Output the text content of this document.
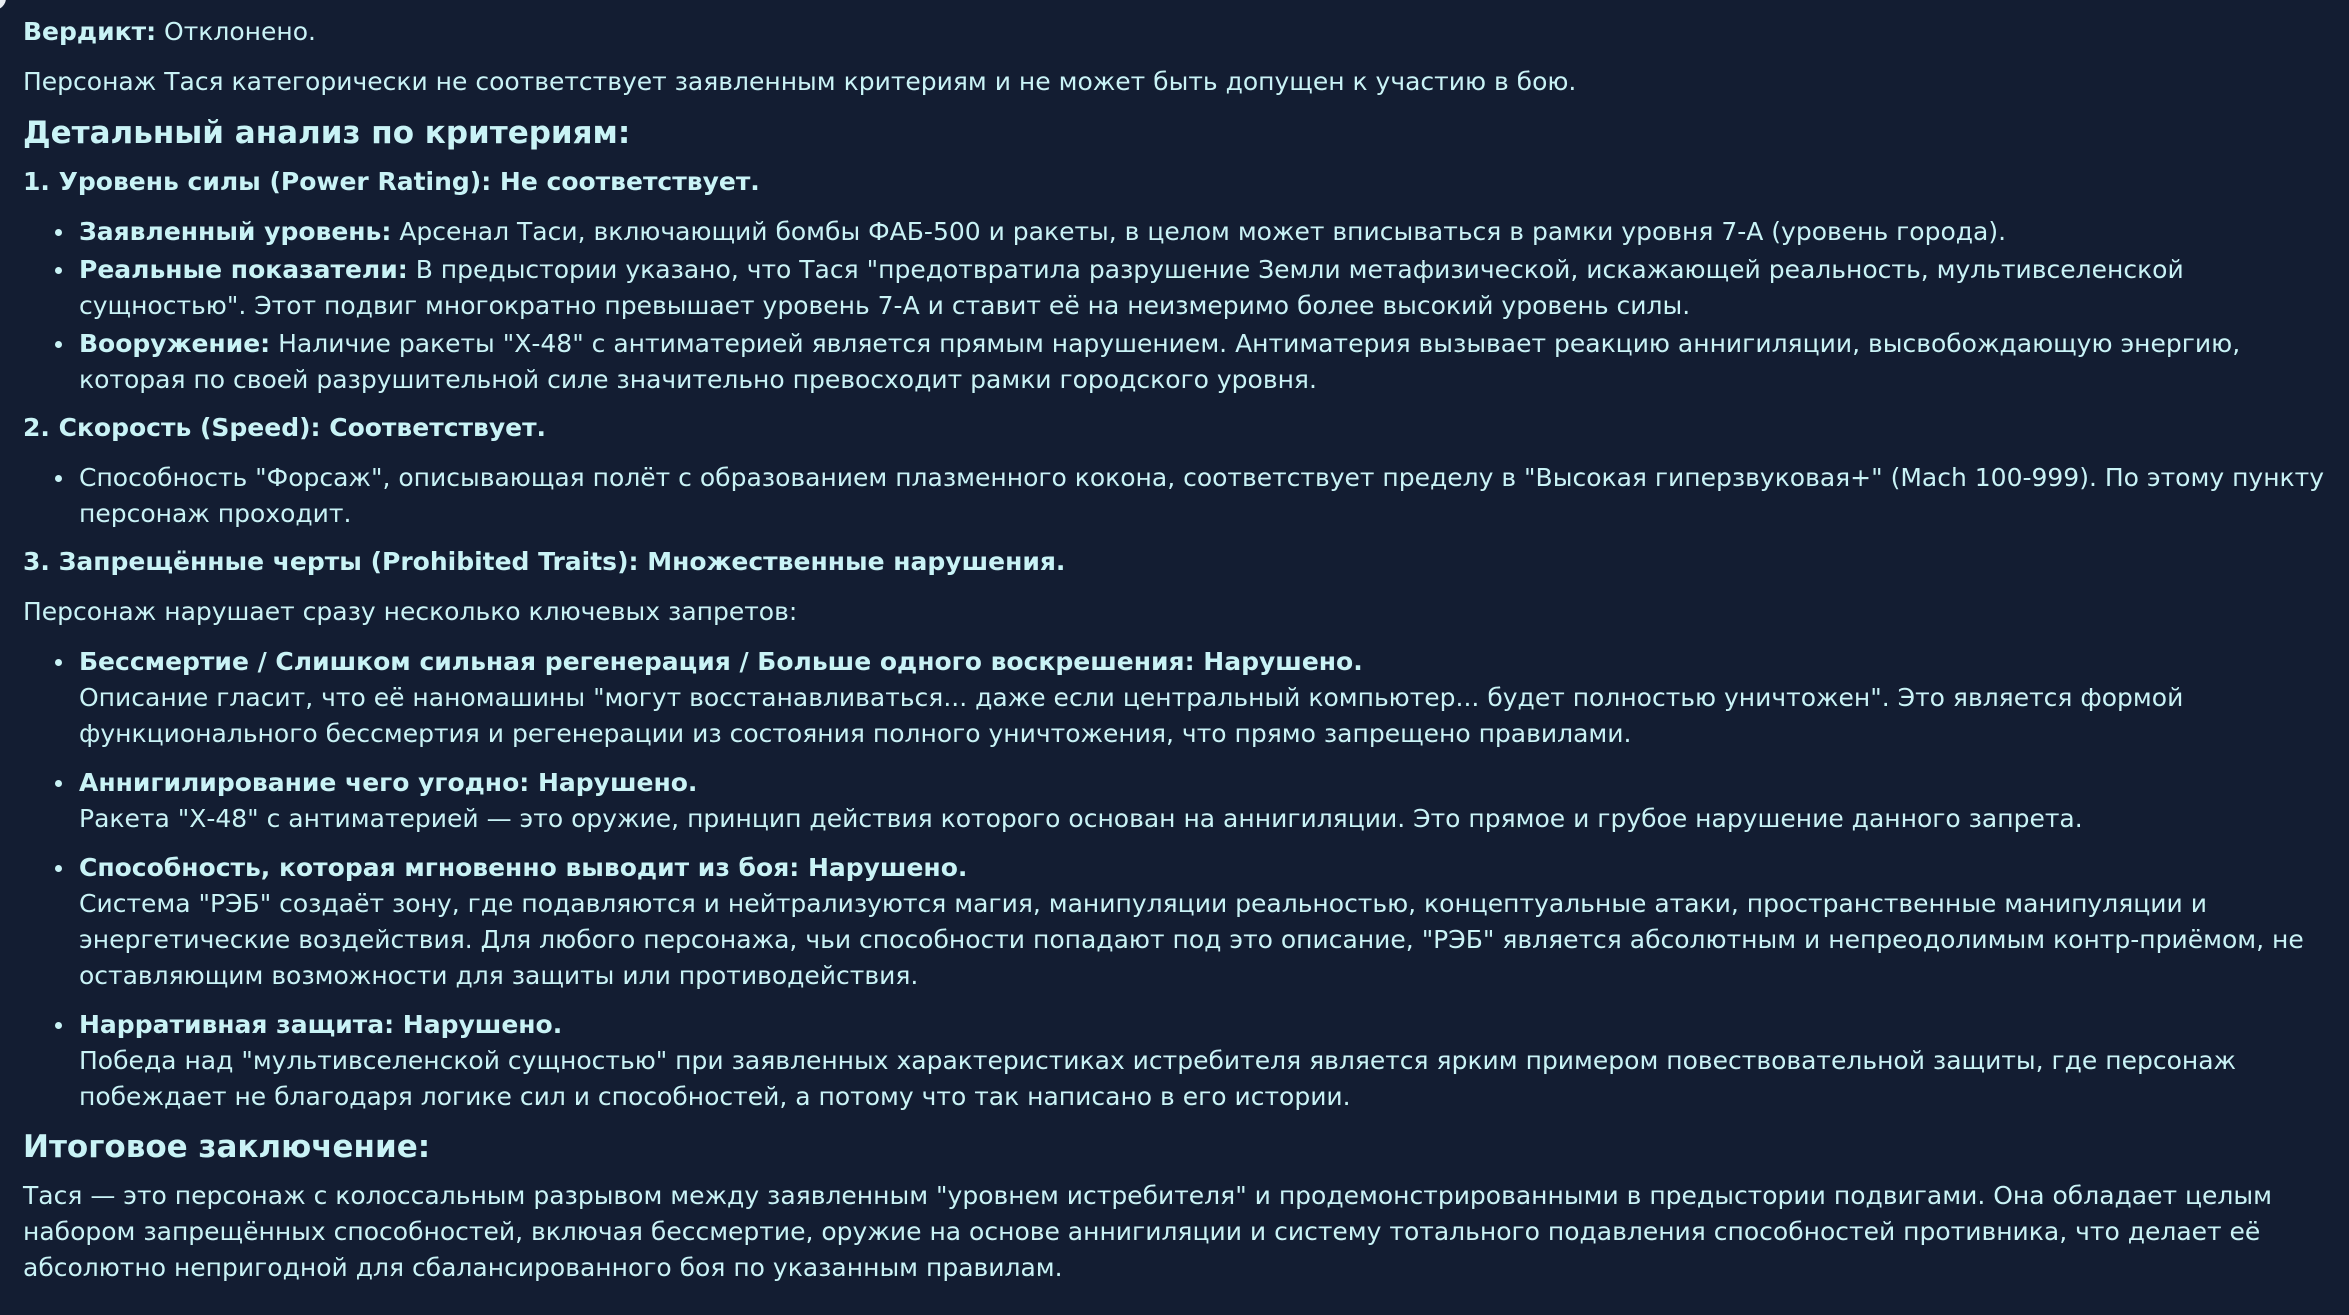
Вердикт: Отклонено.

Персонаж Тася категорически не соответствует заявленным критериям и не может быть допущен к участию в бою.

Детальный анализ по критериям:
1. Уровень силы (Power Rating): Не соответствует.
Заявленный уровень: Арсенал Таси, включающий бомбы ФАБ-500 и ракеты, в целом может вписываться в рамки уровня 7-А (уровень города).
Реальные показатели: В предыстории указано, что Тася "предотвратила разрушение Земли метафизической, искажающей реальность, мультивселенской сущностью". Этот подвиг многократно превышает уровень 7-А и ставит её на неизмеримо более высокий уровень силы.
Вооружение: Наличие ракеты "Х-48" с антиматерией является прямым нарушением. Антиматерия вызывает реакцию аннигиляции, высвобождающую энергию, которая по своей разрушительной силе значительно превосходит рамки городского уровня.
2. Скорость (Speed): Соответствует.
Способность "Форсаж", описывающая полёт с образованием плазменного кокона, соответствует пределу в "Высокая гиперзвуковая+" (Mach 100-999). По этому пункту персонаж проходит.
3. Запрещённые черты (Prohibited Traits): Множественные нарушения.

Персонаж нарушает сразу несколько ключевых запретов:

Бессмертие / Слишком сильная регенерация / Больше одного воскрешения: Нарушено.
Описание гласит, что её наномашины "могут восстанавливаться... даже если центральный компьютер... будет полностью уничтожен". Это является формой функционального бессмертия и регенерации из состояния полного уничтожения, что прямо запрещено правилами.
Аннигилирование чего угодно: Нарушено.
Ракета "Х-48" с антиматерией — это оружие, принцип действия которого основан на аннигиляции. Это прямое и грубое нарушение данного запрета.
Способность, которая мгновенно выводит из боя: Нарушено.
Система "РЭБ" создаёт зону, где подавляются и нейтрализуются магия, манипуляции реальностью, концептуальные атаки, пространственные манипуляции и энергетические воздействия. Для любого персонажа, чьи способности попадают под это описание, "РЭБ" является абсолютным и непреодолимым контр-приёмом, не оставляющим возможности для защиты или противодействия.
Нарративная защита: Нарушено.
Победа над "мультивселенской сущностью" при заявленных характеристиках истребителя является ярким примером повествовательной защиты, где персонаж побеждает не благодаря логике сил и способностей, а потому что так написано в его истории.
Итоговое заключение:

Тася — это персонаж с колоссальным разрывом между заявленным "уровнем истребителя" и продемонстрированными в предыстории подвигами. Она обладает целым набором запрещённых способностей, включая бессмертие, оружие на основе аннигиляции и систему тотального подавления способностей противника, что делает её абсолютно непригодной для сбалансированного боя по указанным правилам.
